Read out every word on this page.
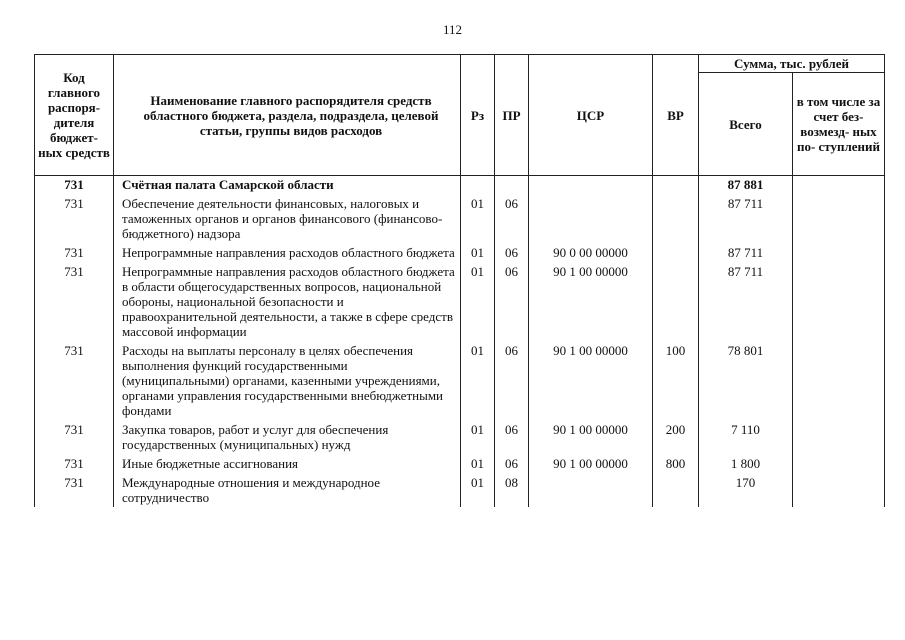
112
Код главного распоря- дителя бюджет- ных средств	Наименование главного распорядителя средств областного бюджета, раздела, подраздела, целевой статьи, группы видов расходов	Рз	ПР	ЦСР	ВР	Сумма, тыс. рублей	
						Всего	в том числе за счет без- возмезд- ных по- ступлений
731	Счётная палата Самарской области					87 881	
731	Обеспечение деятельности финансовых, налоговых и таможенных органов и органов финансового (финансово-бюджетного) надзора	01	06			87 711	
731	Непрограммные направления расходов областного бюджета	01	06	90 0 00 00000		87 711	
731	Непрограммные направления расходов областного бюджета в области общегосударственных вопросов, национальной обороны, национальной безопасности и правоохранительной деятельности, а также в сфере средств массовой информации	01	06	90 1 00 00000		87 711	
731	Расходы на выплаты персоналу в целях обеспечения выполнения функций государственными (муниципальными) органами, казенными учреждениями, органами управления государственными внебюджетными фондами	01	06	90 1 00 00000	100	78 801	
731	Закупка товаров, работ и услуг для обеспечения государственных (муниципальных) нужд	01	06	90 1 00 00000	200	7 110	
731	Иные бюджетные ассигнования	01	06	90 1 00 00000	800	1 800	
731	Международные отношения и международное сотрудничество	01	08			170	
